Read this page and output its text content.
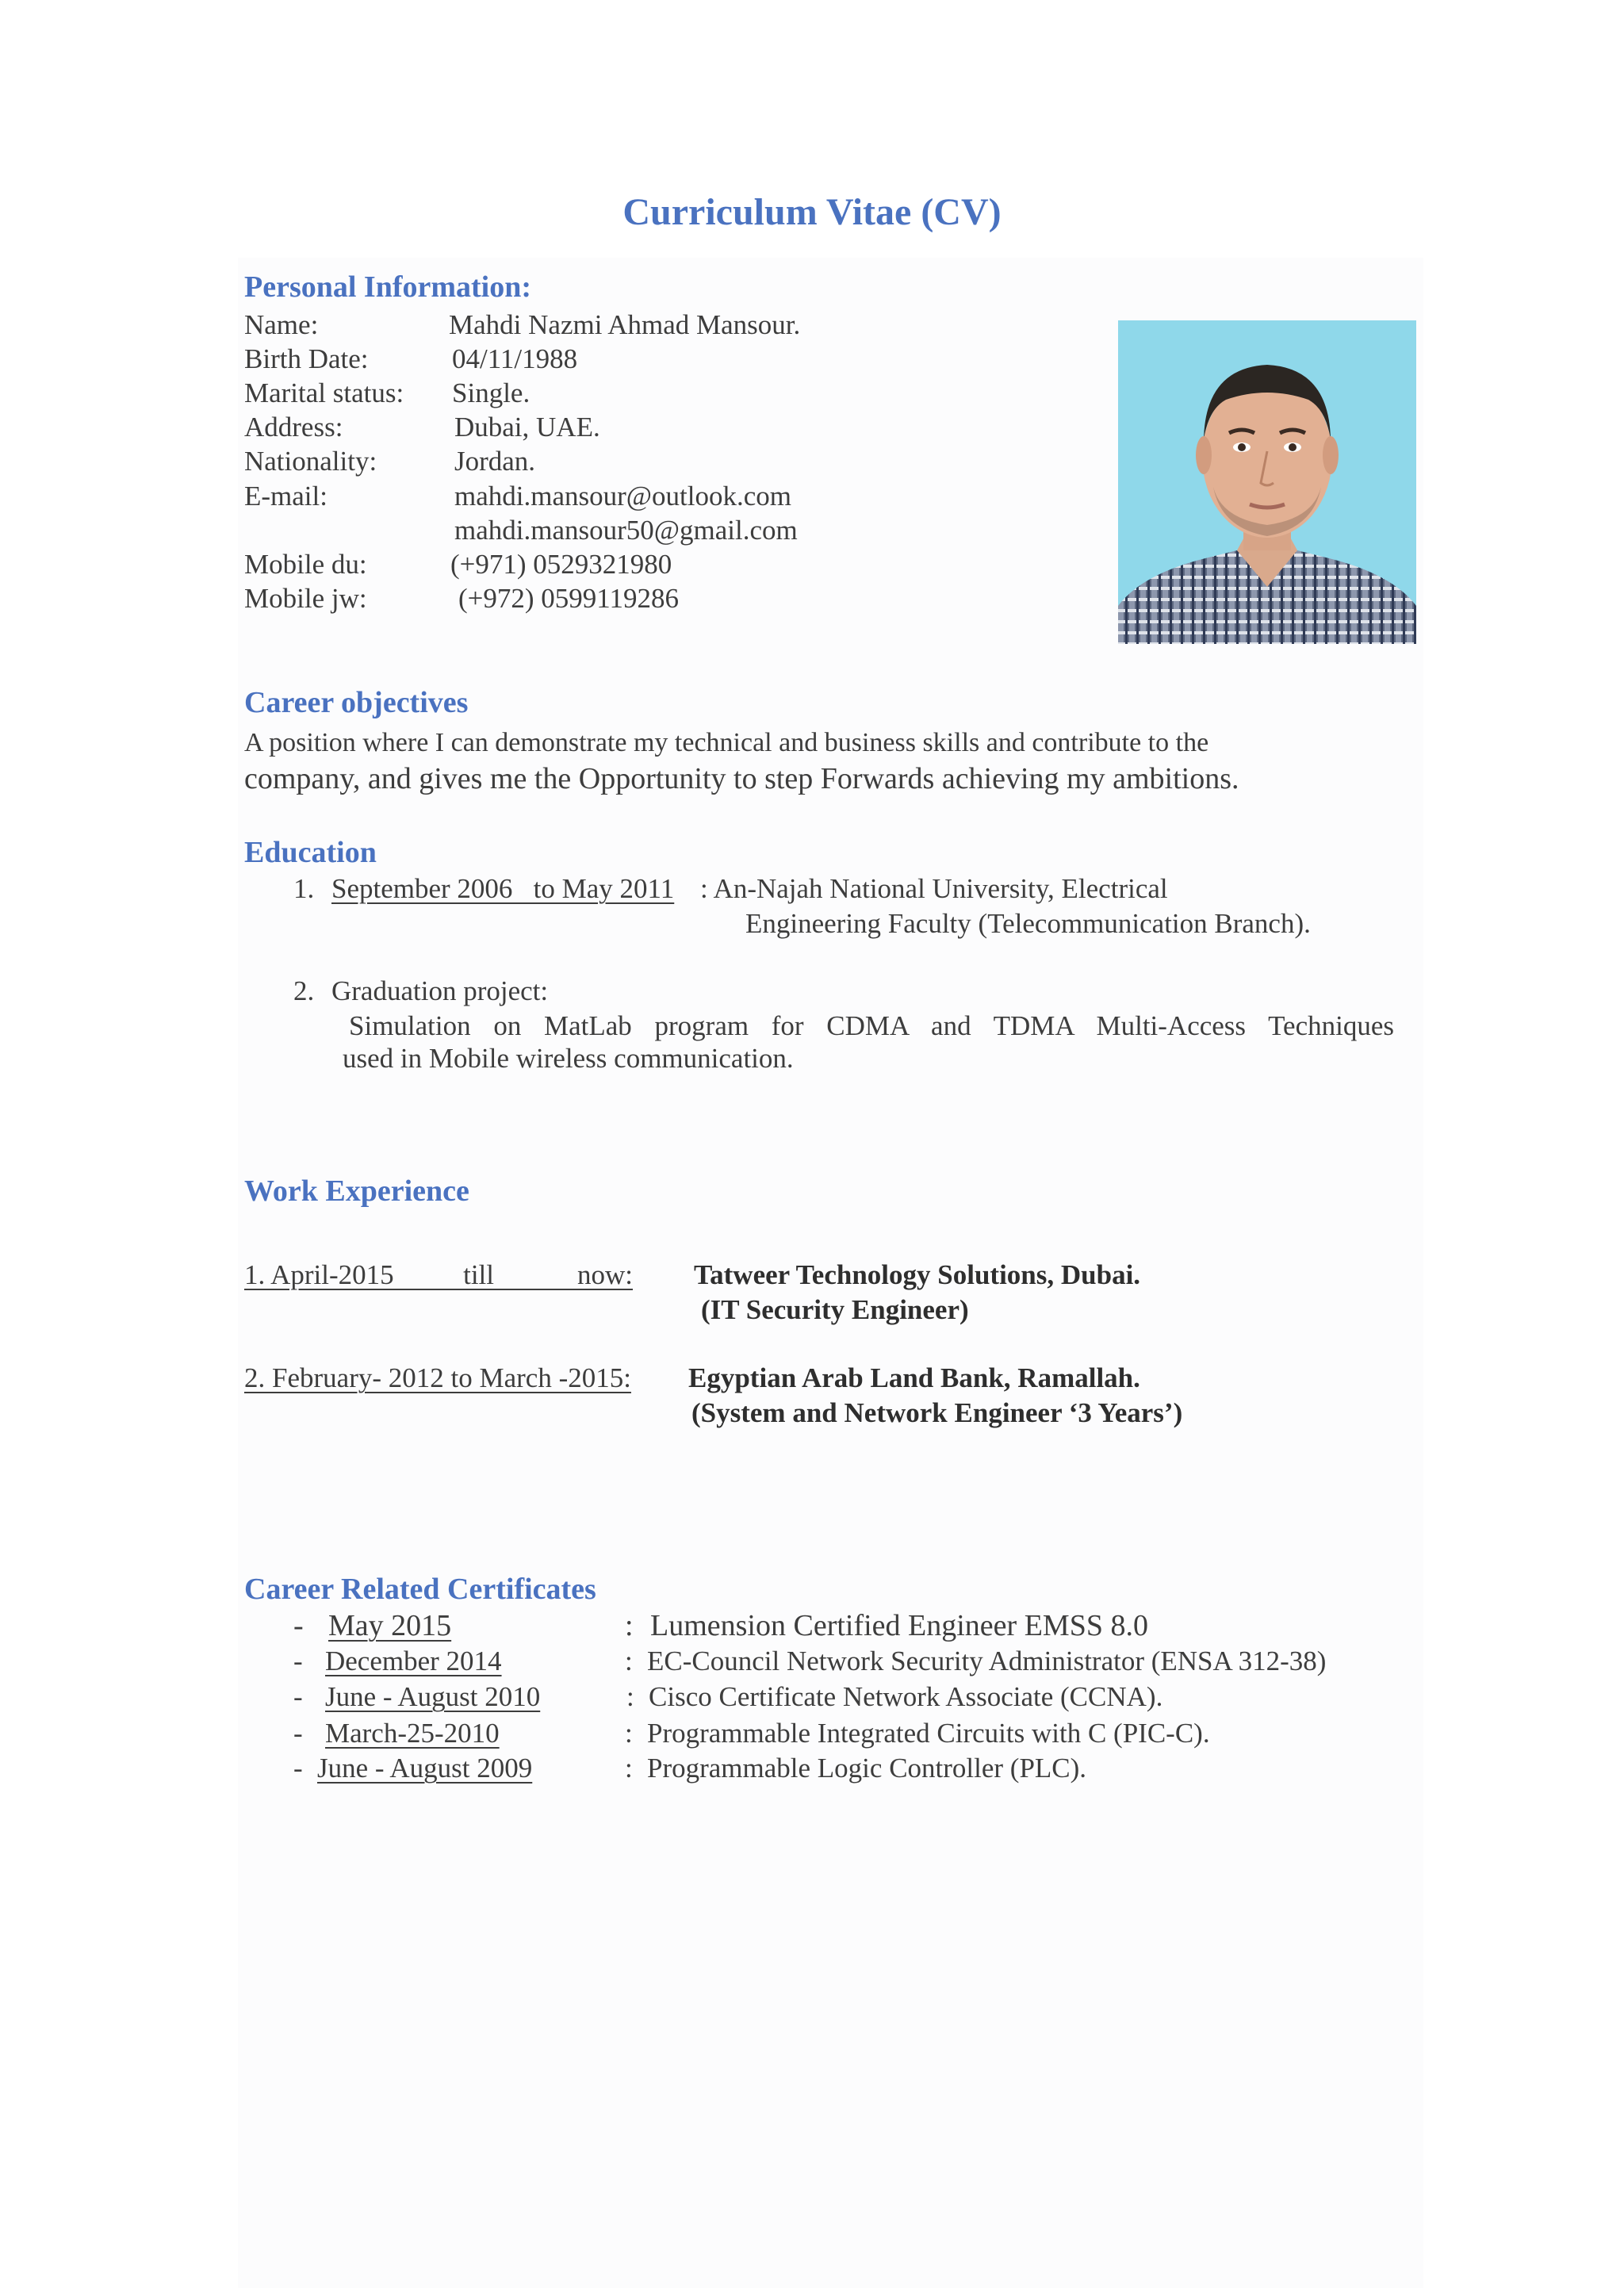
Curriculum Vitae (CV)
Personal Information:
Name:	Mahdi Nazmi Ahmad Mansour.
Birth Date:	04/11/1988
Marital status: Single.
Address:	Dubai, UAE.
Nationality:	Jordan.
E-mail:	mahdi.mansour@outlook.com
mahdi.mansour50@gmail.com
Mobile du:	(+971) 0529321980
Mobile jw:	(+972) 0599119286
Career objectives
A position where I can demonstrate my technical and business skills and contribute to the
company, and gives me the Opportunity to step Forwards achieving my ambitions.
Education
1. September 2006   to May 2011 : An-Najah National University, Electrical
Engineering Faculty (Telecommunication Branch).
2. Graduation project:
Simulation  on  MatLab  program  for  CDMA  and  TDMA  Multi-Access  Techniques
used in Mobile wireless communication.
Work Experience
1. April-2015          till            now: Tatweer Technology Solutions, Dubai.
(IT Security Engineer)
2. February- 2012 to March -2015: Egyptian Arab Land Bank, Ramallah.
(System and Network Engineer ‘3 Years’)
Career Related Certificates
- May 2015	: Lumension Certified Engineer EMSS 8.0
- December 2014	: EC-Council Network Security Administrator (ENSA 312-38)
- June - August 2010	: Cisco Certificate Network Associate (CCNA).
- March-25-2010	: Programmable Integrated Circuits with C (PIC-C).
- June - August 2009	: Programmable Logic Controller (PLC).
